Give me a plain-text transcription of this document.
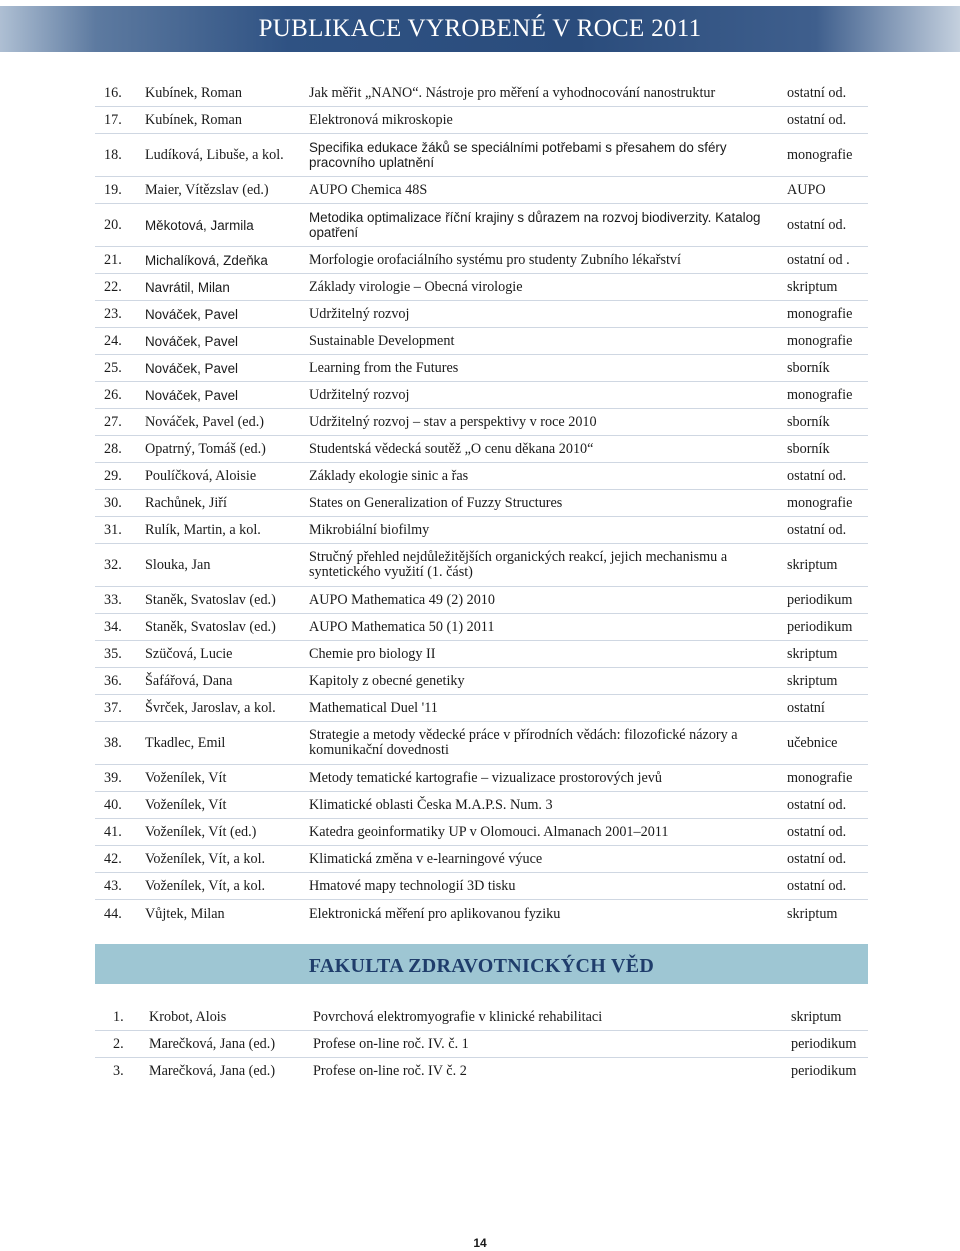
PUBLIKACE VYROBENÉ V ROCE 2011
16. Kubínek, Roman	Jak měřit „NANO“. Nástroje pro měření a vyhodnocování nanostruktur	ostatní od.
17. Kubínek, Roman	Elektronová mikroskopie	ostatní od.
18. Ludíková, Libuše, a kol. Specifika edukace žáků se speciálními potřebami s přesahem do sféry pracovního uplatnění	monografie
19. Maier, Vítězslav (ed.)	AUPO Chemica 48S	AUPO
20. Měkotová, Jarmila	Metodika optimalizace říční krajiny s důrazem na rozvoj biodiverzity. Katalog opatření	ostatní od.
21. Michalíková, Zdeňka	Morfologie orofaciálního systému pro studenty Zubního lékařství	ostatní od .
22. Navrátil, Milan	Základy virologie – Obecná virologie	skriptum
23. Nováček, Pavel	Udržitelný rozvoj	monografie
24. Nováček, Pavel	Sustainable Development	monografie
25. Nováček, Pavel	Learning from the Futures	sborník
26. Nováček, Pavel	Udržitelný rozvoj	monografie
27. Nováček, Pavel (ed.)	Udržitelný rozvoj – stav a perspektivy v roce 2010	sborník
28. Opatrný, Tomáš (ed.)	Studentská vědecká soutěž „O cenu děkana 2010“	sborník
29. Poulíčková, Aloisie	Základy ekologie sinic a řas	ostatní od.
30. Rachůnek, Jiří	States on Generalization of Fuzzy Structures	monografie
31. Rulík, Martin, a kol.	Mikrobiální biofilmy	ostatní od.
32. Slouka, Jan	Stručný přehled nejdůležitějších organických reakcí, jejich mechanismu a syntetického využití (1. část)	skriptum
33. Staněk, Svatoslav (ed.) AUPO Mathematica 49 (2) 2010	periodikum
34. Staněk, Svatoslav (ed.) AUPO Mathematica 50 (1) 2011	periodikum
35. Szüčová, Lucie	Chemie pro biology II	skriptum
36. Šafářová, Dana	Kapitoly z obecné genetiky	skriptum
37. Švrček, Jaroslav, a kol. Mathematical Duel '11	ostatní
38. Tkadlec, Emil	Strategie a metody vědecké práce v přírodních vědách: filozofické názory a komunikační dovednosti	učebnice
39. Voženílek, Vít	Metody tematické kartografie – vizualizace prostorových jevů	monografie
40. Voženílek, Vít	Klimatické oblasti Česka M.A.P.S. Num. 3	ostatní od.
41. Voženílek, Vít (ed.)	Katedra geoinformatiky UP v Olomouci. Almanach 2001–2011	ostatní od.
42. Voženílek, Vít, a kol.	Klimatická změna v e-learningové výuce	ostatní od.
43. Voženílek, Vít, a kol.	Hmatové mapy technologií 3D tisku	ostatní od.
44. Vůjtek, Milan	Elektronická měření pro aplikovanou fyziku	skriptum
FAKULTA ZDRAVOTNICKÝCH VĚD
1. Krobot, Alois	Povrchová elektromyografie v klinické rehabilitaci	skriptum
2. Marečková, Jana (ed.)	Profese on-line roč. IV. č. 1	periodikum
3. Marečková, Jana (ed.)	Profese on-line roč. IV č. 2	periodikum
14
